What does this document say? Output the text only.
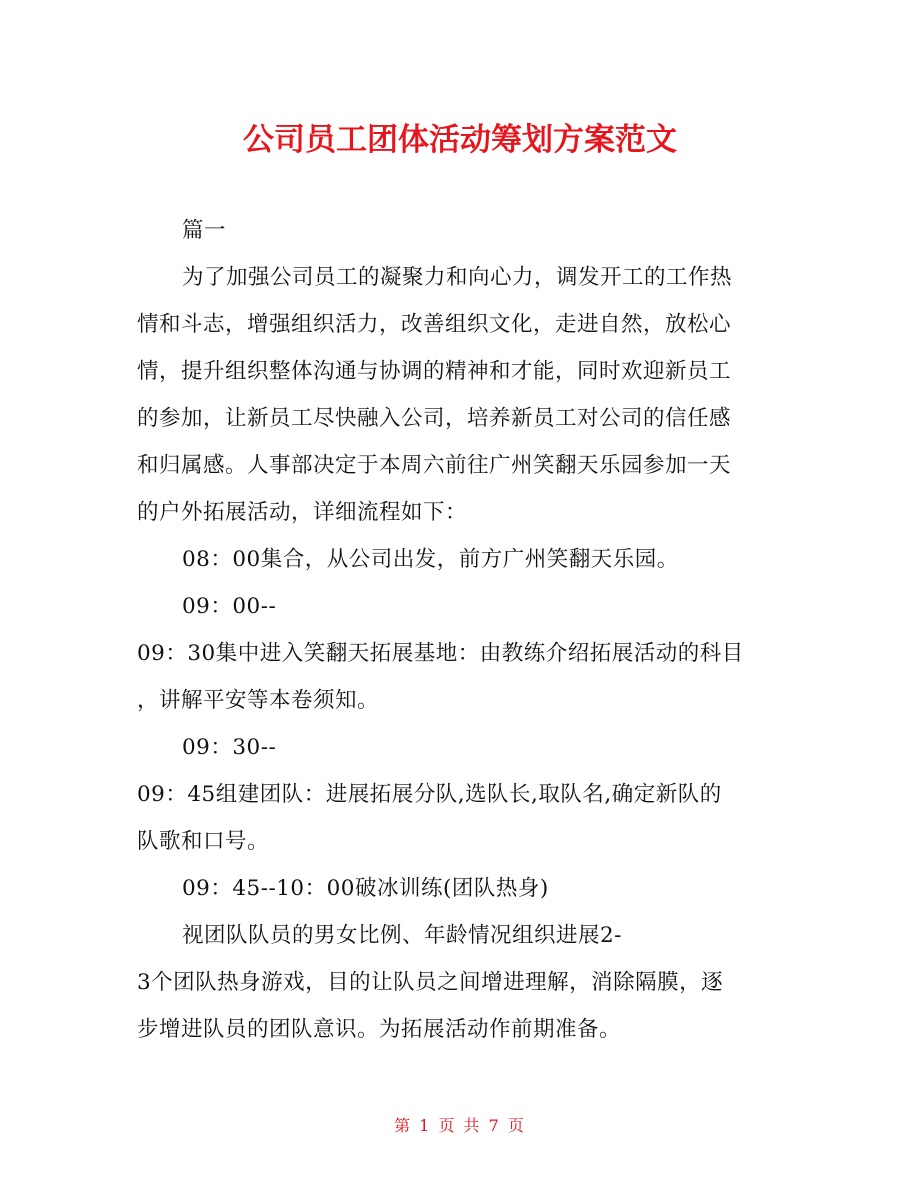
公司员工团体活动筹划方案范文
篇一
为了加强公司员工的凝聚力和向心力，调发开工的工作热
情和斗志，增强组织活力，改善组织文化，走进自然，放松心
情，提升组织整体沟通与协调的精神和才能，同时欢迎新员工
的参加，让新员工尽快融入公司，培养新员工对公司的信任感
和归属感。人事部决定于本周六前往广州笑翻天乐园参加一天
的户外拓展活动，详细流程如下：
08：00集合，从公司出发，前方广州笑翻天乐园。
09：00--
09：30集中进入笑翻天拓展基地：由教练介绍拓展活动的科目
，讲解平安等本卷须知。
09：30--
09：45组建团队：进展拓展分队,选队长,取队名,确定新队的
队歌和口号。
09：45--10：00破冰训练(团队热身)
视团队队员的男女比例、年龄情况组织进展2-
3个团队热身游戏，目的让队员之间增进理解，消除隔膜，逐
步增进队员的团队意识。为拓展活动作前期准备。
第 1 页 共 7 页
